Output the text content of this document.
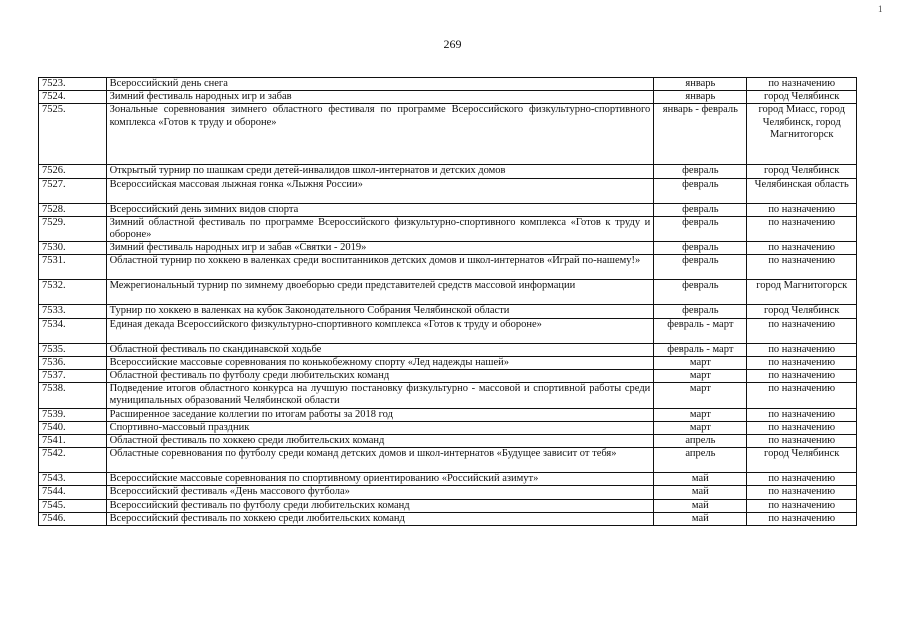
1
269
7523.	Всероссийский день снега	январь	по назначению
7524.	Зимний фестиваль народных игр и забав	январь	город Челябинск
7525.	Зональные соревнования зимнего областного фестиваля по программе Всероссийского физкультурно-спортивного комплекса «Готов к труду и обороне»	январь - февраль	город Миасс, город Челябинск, город Магнитогорск
7526.	Открытый турнир по шашкам среди детей-инвалидов школ-интернатов и детских домов	февраль	город Челябинск
7527.	Всероссийская массовая лыжная гонка «Лыжня России»	февраль	Челябинская область
7528.	Всероссийский день зимних видов спорта	февраль	по назначению
7529.	Зимний областной фестиваль по программе Всероссийского физкультурно-спортивного комплекса «Готов к труду и обороне»	февраль	по назначению
7530.	Зимний фестиваль народных игр и забав «Святки - 2019»	февраль	по назначению
7531.	Областной турнир по хоккею в валенках среди воспитанников детских домов и школ-интернатов «Играй по-нашему!»	февраль	по назначению
7532.	Межрегиональный турнир по зимнему двоеборью среди представителей средств массовой информации	февраль	город Магнитогорск
7533.	Турнир по хоккею в валенках на кубок Законодательного Собрания Челябинской области	февраль	город Челябинск
7534.	Единая декада Всероссийского физкультурно-спортивного комплекса «Готов к труду и обороне»	февраль - март	по назначению
7535.	Областной фестиваль по скандинавской ходьбе	февраль - март	по назначению
7536.	Всероссийские массовые соревнования по конькобежному спорту «Лед надежды нашей»	март	по назначению
7537.	Областной фестиваль по футболу среди любительских команд	март	по назначению
7538.	Подведение итогов областного конкурса на лучшую постановку физкультурно - массовой и спортивной работы среди муниципальных образований Челябинской области	март	по назначению
7539.	Расширенное заседание коллегии по итогам работы за 2018 год	март	по назначению
7540.	Спортивно-массовый праздник	март	по назначению
7541.	Областной фестиваль по хоккею среди любительских команд	апрель	по назначению
7542.	Областные соревнования по футболу среди команд детских домов и школ-интернатов «Будущее зависит от тебя»	апрель	город Челябинск
7543.	Всероссийские массовые соревнования по спортивному ориентированию «Российский азимут»	май	по назначению
7544.	Всероссийский фестиваль «День массового футбола»	май	по назначению
7545.	Всероссийский фестиваль по футболу среди любительских команд	май	по назначению
7546.	Всероссийский фестиваль по хоккею среди любительских команд	май	по назначению
